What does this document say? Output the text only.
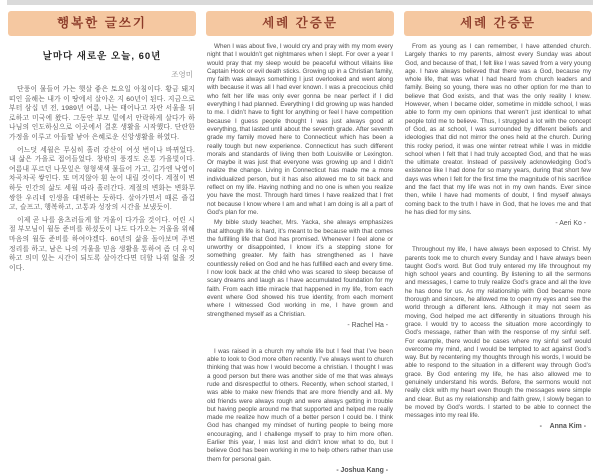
행복한 글쓰기
날마다 새로운 오늘, 60년
조영미

단풍이 물들어 가는 햇살 좋은 토요일 아침이다. 황금 돼지띠인 올해는 내가 이 땅에서 살아온 지 60년이 된다. 지금으로부터 삼십 년 전, 1989년 여름, 나는 태어나고 자란 서울을 뒤로하고 미국에 왔다. 그동안 부모 밑에서 안락하게 살다가 하나님의 인도하심으로 이곳에서 결혼 생활을 시작했다. 단란한 가정을 이루고 아들딸 낳아 은혜로운 신앙생활을 하였다.

어느덧 세월은 무심히 흘러 강산이 여섯 번이나 바뀌었다. 내 삶은 가을로 접어들었다. 창밖의 풍경도 온통 가을빛이다. 여름내 푸르던 나뭇잎은 형형색색 물들어 가고, 길가엔 낙엽이 차곡차곡 쌓인다. 또 머지않아 흰 눈이 내릴 것이다. 계절이 변하듯 인간의 삶도 세월 따라 흘러간다. 계절의 변화는 변화무쌍한 우리네 인생을 대변하는 듯하다. 살아가면서 때론 즐겁고, 슬프고, 행복하고, 고통과 성장의 시간을 보냈듯이.

이제 곧 나를 움츠러들게 할 겨울이 다가올 것이다. 어린 시절 부모님이 월동 준비를 하셨듯이 나도 다가오는 겨울을 위해 마음의 월동 준비를 하여야겠다. 60년의 삶을 돌아보며 주변 정리를 하고, 남은 나의 겨울을 믿음 생활을 통하여 좀 더 유익하고 의미 있는 시간이 되도록 살아간다면 더할 나위 없을 것이다.

세례 간증문

When I was about five, I would cry and pray with my mom every night that I wouldn’t get nightmares when I slept. For over a year I would pray that my sleep would be peaceful without villains like Captain Hook or evil death sticks. Growing up in a Christian family, my faith was always something I just overlooked and went along with because it was all I had ever known. I was a precocious child who felt her life was only ever gonna be near perfect if I did everything I had planned. Everything I did growing up was handed to me. I didn’t have to fight for anything or feel I have competition because I guess people thought I was just always good at everything, that lasted until about the seventh grade. After seventh grade my family moved here to Connecticut which has been a really tough but new experience. Connecticut has such different morals and standards of living then both Louisville or Lexington. Or maybe it was just that everyone was growing up and I didn’t realize the change. Living in Connecticut has made me a more individualized person, but it has also allowed me to sit back and reflect on my life. Having nothing and no one is when you realize you have the most. Through hard times I have realized that I fret not because I know where I am and what I am doing is all a part of God’s plan for me.

My bible study teacher, Mrs. Yacka, she always emphasizes that although life is hard, it’s meant to be because with that comes the fulfilling life that God has promised. Whenever I feel alone or unworthy or disappointed, I know it’s a stepping stone for something greater. My faith has strengthened as I have countlessly relied on God and he has fulfilled each and every time. I now look back at the child who was scared to sleep because of scary dreams and laugh as I have accumulated foundation for my faith. From each little miracle that happened in my life, from each event where God showed his true identity, from each moment where I witnessed God working in me, I have grown and strengthened myself as a Christian.

- Rachel Ha -

I was raised in a church my whole life but I feel that I’ve been able to look to God more often recently. I’ve always went to church thinking that was how I would become a christian. I thought I was a good person but there was another side of me that was always rude and disrespectful to others. Recently, when school started, I was able to make new friends that are more friendly and all. My old friends were always rough and were always getting in trouble but having people around me that supported and helped me really made me realize how much of a better person I could be. I think God has changed my mindset of hurting people to being more encouraging, and I challenge myself to pray to him more often. Earlier this year, I was lost and didn’t know what to do, but I believe God has been working in me to help others rather than use them for personal gain.

- Joshua Kang -
세례 간증문

From as young as I can remember, I have attended church. Largely thanks to my parents, almost every Sunday was about God, and because of that, I felt like I was saved from a very young age. I have always believed that there was a God, because my whole life, that was what I had heard from church leaders and family. Being so young, there was no other option for me than to believe that God exists, and that was the only reality I knew. However, when I became older, sometime in middle school, I was able to form my own opinions that weren’t just identical to what people told me to believe. Thus, I struggled a lot with the concept of God, as at school, I was surrounded by different beliefs and ideologies that did not mirror the ones held at the church. During this rocky period, it was one winter retreat while I was in middle school when I felt that I had truly accepted God, and that he was the ultimate creator. Instead of passively acknowledging God’s existence like I had done for so many years, during that short few days was when I felt for the first time the magnitude of his sacrifice and the fact that my life was not in my own hands. Ever since then, while I have had moments of doubt, I find myself always coming back to the truth I have in God, that he loves me and that he has died for my sins.

- Aeri Ko -

Throughout my life, I have always been exposed to Christ. My parents took me to church every Sunday and I have always been taught God’s word. But God truly entered my life throughout my high school years and counting. By listening to all the sermons and messages, I came to truly realize God’s grace and all the love he has done for us. As my relationship with God became more thorough and sincere, he allowed me to open my eyes and see the world through a different lens. Although it may not seem as moving, God helped me act differently in situations through his grace. I would try to access the situation more accordingly to God’s message, rather than with the response of my sinful self. For example, there would be cases where my sinful self would overcome my mind, and I would be tempted to act against God’s way. But by recentering my thoughts through his words, I would be able to respond to the situation in a different way through God’s grace. By God entering my life, he has also allowed me to genuinely understand his words. Before, the sermons would not really click with my heart even though the messages were simple and clear. But as my relationship and faith grew, I slowly began to be moved by God’s words. I started to be able to connect the messages into my real life.

-    Anna Kim -
